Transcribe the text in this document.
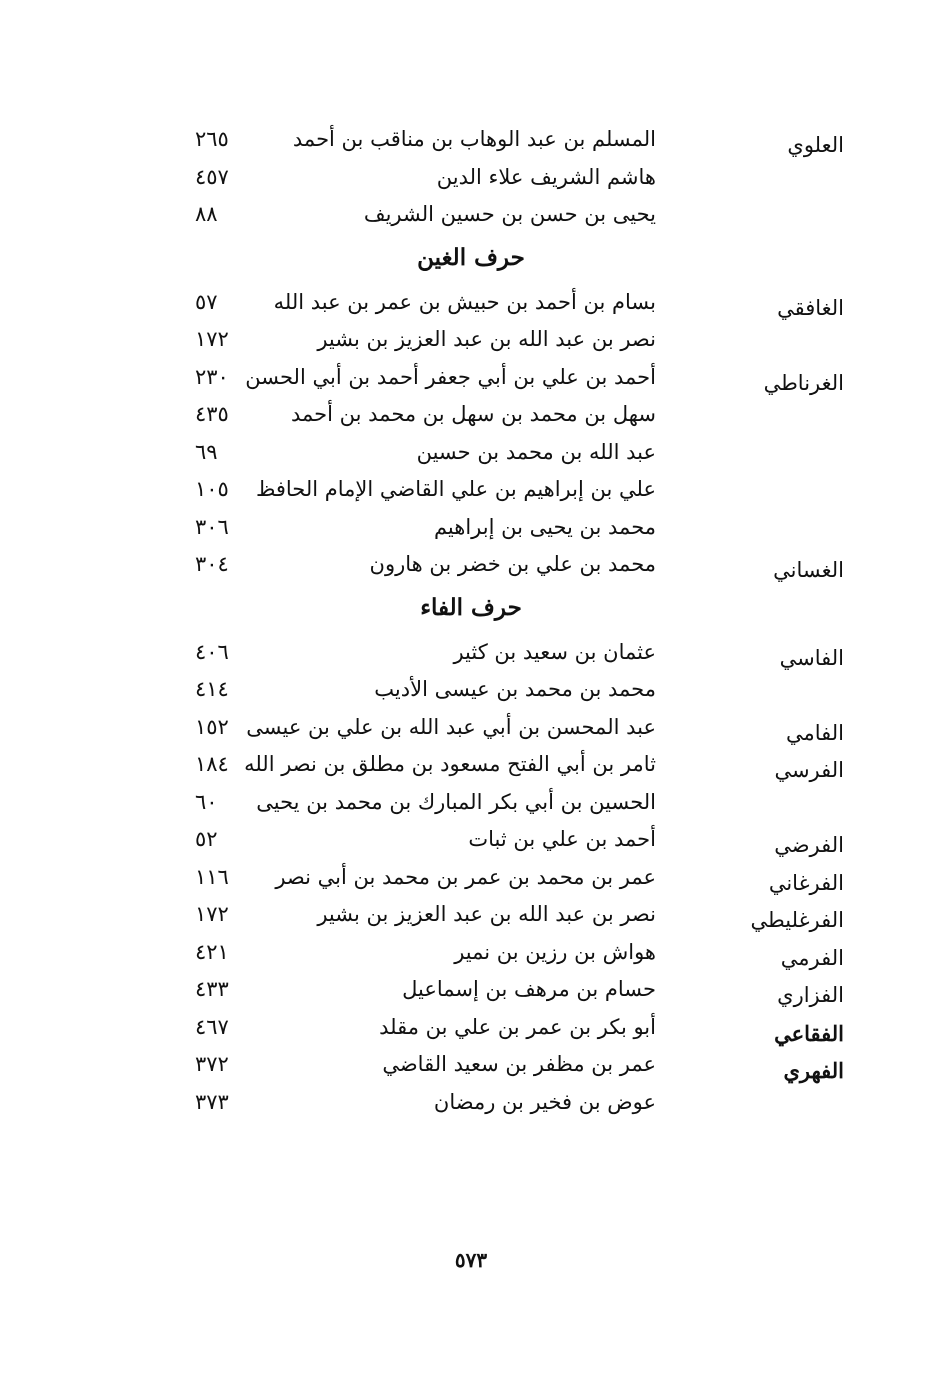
العلوي
المسلم بن عبد الوهاب بن مناقب بن أحمد
٢٦٥
هاشم الشريف علاء الدين
٤٥٧
يحيى بن حسن بن حسين الشريف
٨٨
حرف الغين
الغافقي
بسام بن أحمد بن حبيش بن عمر بن عبد الله
٥٧
نصر بن عبد الله بن عبد العزيز بن بشير
١٧٢
الغرناطي
أحمد بن علي بن أبي جعفر أحمد بن أبي الحسن
٢٣٠
سهل بن محمد بن سهل بن محمد بن أحمد
٤٣٥
عبد الله بن محمد بن حسين
٦٩
علي بن إبراهيم بن علي القاضي الإمام الحافظ
١٠٥
محمد بن يحيى بن إبراهيم
٣٠٦
الغساني
محمد بن علي بن خضر بن هارون
٣٠٤
حرف الفاء
الفاسي
عثمان بن سعيد بن كثير
٤٠٦
محمد بن محمد بن عيسى الأديب
٤١٤
الفامي
عبد المحسن بن أبي عبد الله بن علي بن عيسى
١٥٢
الفرسي
ثامر بن أبي الفتح مسعود بن مطلق بن نصر الله
١٨٤
الحسين بن أبي بكر المبارك بن محمد بن يحيى
٦٠
الفرضي
أحمد بن علي بن ثبات
٥٢
الفرغاني
عمر بن محمد بن عمر بن محمد بن أبي نصر
١١٦
الفرغليطي
نصر بن عبد الله بن عبد العزيز بن بشير
١٧٢
الفرمي
هواش بن رزين بن نمير
٤٢١
الفزاري
حسام بن مرهف بن إسماعيل
٤٣٣
الفقاعي
أبو بكر بن عمر بن علي بن مقلد
٤٦٧
الفهري
عمر بن مظفر بن سعيد القاضي
٣٧٢
عوض بن فخير بن رمضان
٣٧٣
٥٧٣
